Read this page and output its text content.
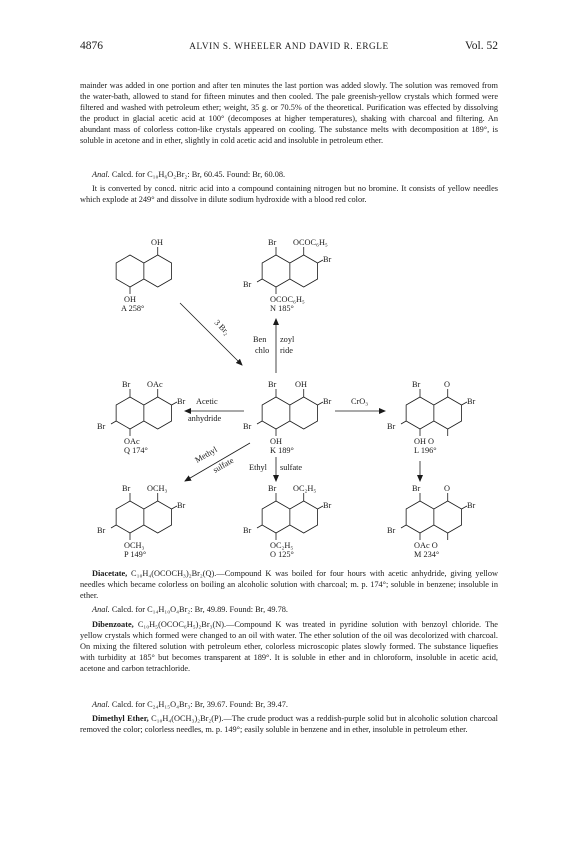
4876	ALVIN S. WHEELER AND DAVID R. ERGLE	Vol. 52

mainder was added in one portion and after ten minutes the last portion was added slowly. The solution was removed from the water-bath, allowed to stand for fifteen minutes and then cooled. The pale greenish-yellow crystals which formed were filtered and washed with petroleum ether; weight, 35 g. or 70.5% of the theoretical. Purification was effected by dissolving the product in glacial acetic acid at 100° (decomposes at higher temperatures), shaking with charcoal and filtering. An abundant mass of colorless cotton-like crystals appeared on cooling. The substance melts with decomposition at 189°, is soluble in acetone and in ether, slightly in cold acetic acid and insoluble in petroleum ether.

Anal. Calcd. for C₁₀H₆O₂Br₂: Br, 60.45. Found: Br, 60.08.

It is converted by concd. nitric acid into a compound containing nitrogen but no bromine. It consists of yellow needles which explode at 249° and dissolve in dilute sodium hydroxide with a blood red color.

OH
OH
A 258°
Br OCOC₆H₅
Br
Br
OCOC₆H₅
N 185°
Br OAc
Br
Br
OAc
Q 174°
Br OH
Br
Br
OH
K 189°
Br	O
Br
Br
OH O
L 196°
Br OCH₃
Br
Br
OCH₃
P 149°
Br OC₂H₅
Br
Br
OC₂H₅
O 125°
Br	O
Br
Br
OAc O
M 234°
3 Br₂
Ben zoyl
chlo ride
Acetic
anhydride
CrO₃
Methyl
sulfate Ethyl sulfate

Diacetate, C₁₀H₄(OCOCH₃)₂Br₂(Q).—Compound K was boiled for four hours with acetic anhydride, giving yellow needles which became colorless on boiling an alcoholic solution with charcoal; m. p. 174°; soluble in benzene; insoluble in ether.

Anal. Calcd. for C₁₄H₁₀O₄Br₂: Br, 49.89. Found: Br, 49.78.

Dibenzoate, C₁₀H₅(OCOC₆H₅)₂Br₃(N).—Compound K was treated in pyridine solution with benzoyl chloride. The yellow crystals which formed were changed to an oil with water. The ether solution of the oil was decolorized with charcoal. On mixing the filtered solution with petroleum ether, colorless microscopic plates slowly formed. The substance liquefies with turbidity at 185° but becomes transparent at 189°. It is soluble in ether and in chloroform, insoluble in acetic acid, acetone and carbon tetrachloride.

Anal. Calcd. for C₂₄H₁₅O₄Br₃: Br, 39.67. Found: Br, 39.47.

Dimethyl Ether, C₁₀H₄(OCH₃)₂Br₂(P).—The crude product was a reddish-purple solid but in alcoholic solution charcoal removed the color; colorless needles, m. p. 149°; easily soluble in benzene and in ether, insoluble in petroleum ether.
